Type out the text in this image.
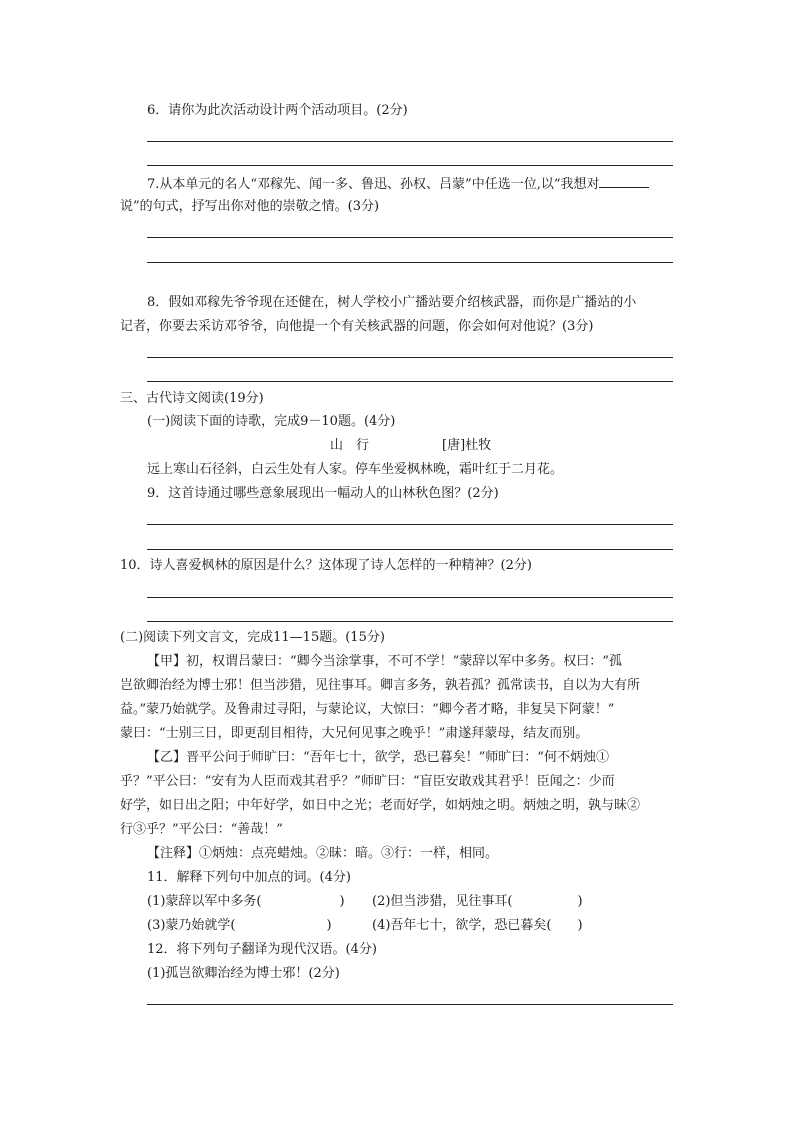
6．请你为此次活动设计两个活动项目。(2分)
7.从本单元的名人“邓稼先、闻一多、鲁迅、孙权、吕蒙”中任选一位,以“我想对
说”的句式，抒写出你对他的崇敬之情。(3分)
8．假如邓稼先爷爷现在还健在，树人学校小广播站要介绍核武器，而你是广播站的小
记者，你要去采访邓爷爷，向他提一个有关核武器的问题，你会如何对他说？(3分)
三、古代诗文阅读(19分)
(一)阅读下面的诗歌，完成9－10题。(4分)
山　行	[唐]杜牧
远上寒山石径斜，白云生处有人家。停车坐爱枫林晚，霜叶红于二月花。
9．这首诗通过哪些意象展现出一幅动人的山林秋色图？(2分)
10．诗人喜爱枫林的原因是什么？这体现了诗人怎样的一种精神？(2分)
(二)阅读下列文言文，完成11—15题。(15分)
【甲】初，权谓吕蒙曰：“卿今当涂掌事，不可不学！”蒙辞以军中多务。权曰：“孤
岂欲卿治经为博士邪！但当涉猎，见往事耳。卿言多务，孰若孤？孤常读书，自以为大有所
益。”蒙乃始就学。及鲁肃过寻阳，与蒙论议，大惊曰：“卿今者才略，非复吴下阿蒙！”
蒙曰：“士别三日，即更刮目相待，大兄何见事之晚乎！”肃遂拜蒙母，结友而别。
【乙】晋平公问于师旷曰：“吾年七十，欲学，恐已暮矣！”师旷曰：“何不炳烛①
乎？”平公曰：“安有为人臣而戏其君乎？”师旷曰：“盲臣安敢戏其君乎！臣闻之：少而
好学，如日出之阳；中年好学，如日中之光；老而好学，如炳烛之明。炳烛之明，孰与昧②
行③乎？”平公曰：“善哉！”
【注释】①炳烛：点亮蜡烛。②昧：暗。③行：一样，相同。
11．解释下列句中加点的词。(4分)
(1)蒙辞以军中多务(　　　　　　) (2)但当涉猎，见往事耳(　　　　　)
(3)蒙乃始就学(　　　　　　　)	(4)吾年七十，欲学，恐已暮矣(　　)
12．将下列句子翻译为现代汉语。(4分)
(1)孤岂欲卿治经为博士邪！(2分)
